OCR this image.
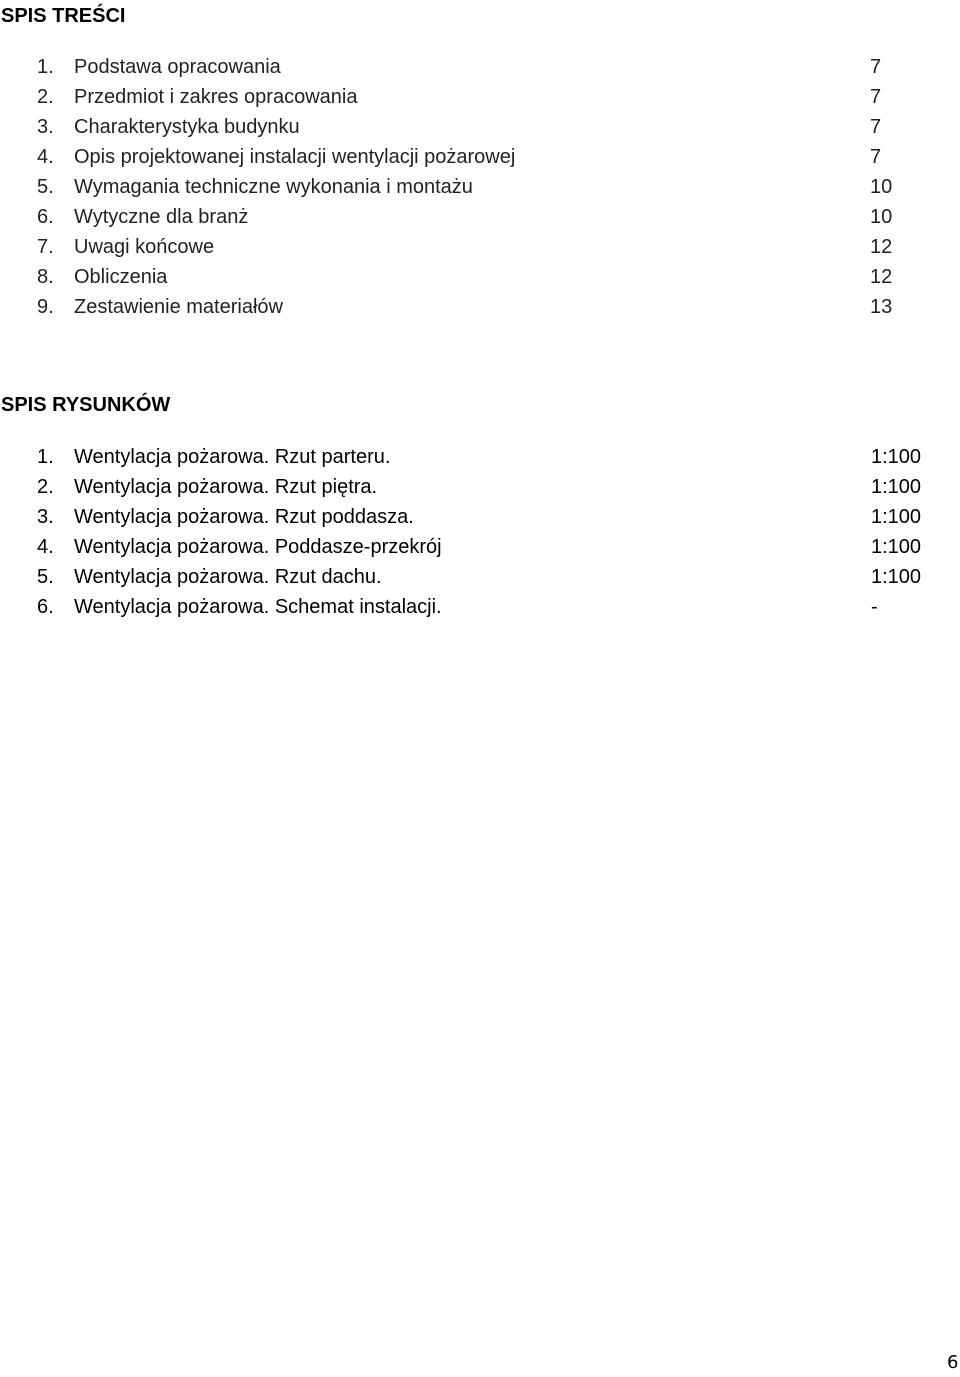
SPIS TREŚCI
1. Podstawa opracowania	7
2. Przedmiot i zakres opracowania	7
3. Charakterystyka budynku	7
4. Opis projektowanej instalacji wentylacji pożarowej	7
5. Wymagania techniczne wykonania i montażu	10
6. Wytyczne dla branż	10
7. Uwagi końcowe	12
8. Obliczenia	12
9. Zestawienie materiałów	13
SPIS RYSUNKÓW
1. Wentylacja pożarowa. Rzut parteru.	1:100
2. Wentylacja pożarowa. Rzut piętra.	1:100
3. Wentylacja pożarowa. Rzut poddasza.	1:100
4. Wentylacja pożarowa. Poddasze-przekrój	1:100
5. Wentylacja pożarowa. Rzut dachu.	1:100
6. Wentylacja pożarowa. Schemat instalacji.	-
6
